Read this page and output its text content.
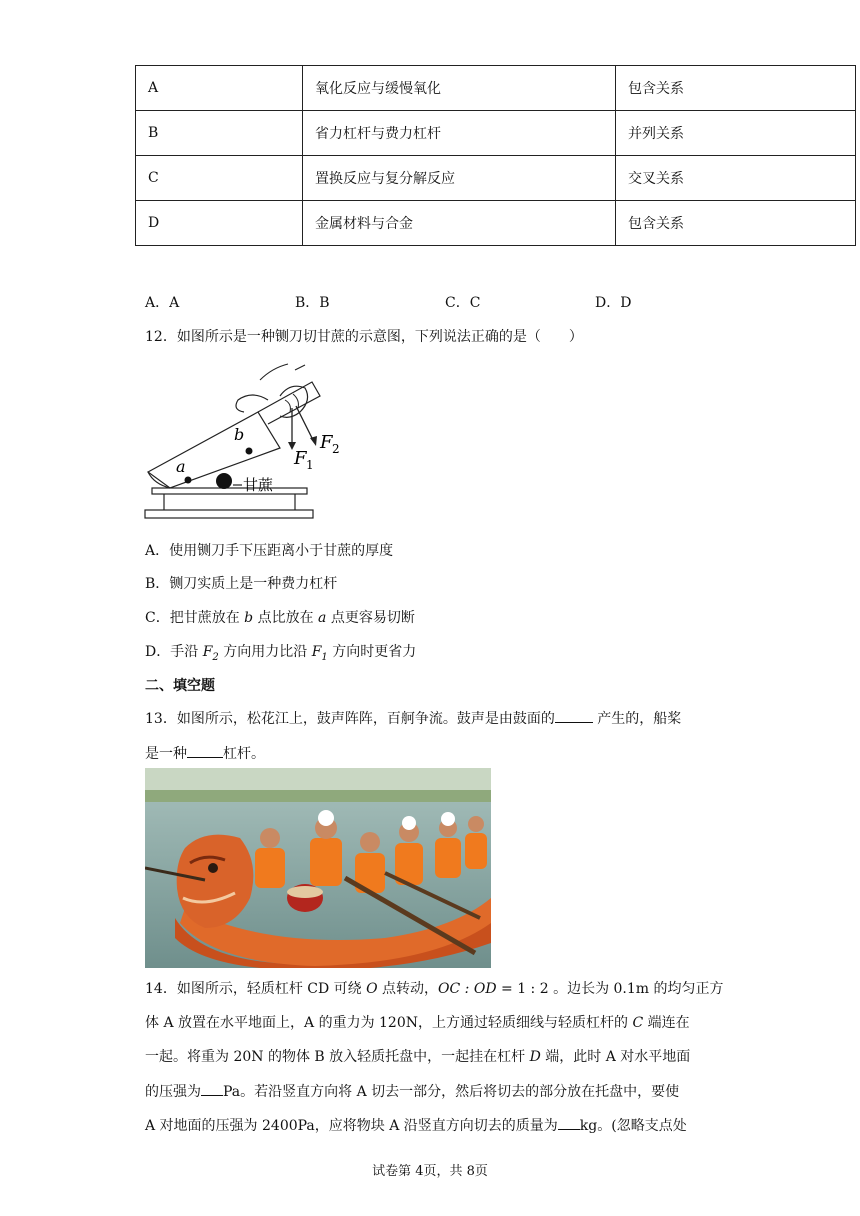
A	氧化反应与缓慢氧化	包含关系
B	省力杠杆与费力杠杆	并列关系
C	置换反应与复分解反应	交叉关系
D	金属材料与合金	包含关系
A．A	B．B	C．C	D．D
12．如图所示是一种铡刀切甘蔗的示意图，下列说法正确的是（　　）
a
b
F 1
F 2
甘蔗
A．使用铡刀手下压距离小于甘蔗的厚度
B．铡刀实质上是一种费力杠杆
C．把甘蔗放在 b 点比放在 a 点更容易切断
D．手沿 $F_2$ 方向用力比沿 $F_1$ 方向时更省力
二、填空题
13．如图所示，松花江上，鼓声阵阵，百舸争流。鼓声是由鼓面的	产生的，船桨
是一种	杠杆。
14．如图所示，轻质杠杆 CD 可绕 O 点转动，OC : OD = 1 : 2 。边长为 0.1m 的均匀正方
体 A 放置在水平地面上，A 的重力为 120N，上方通过轻质细线与轻质杠杆的 C 端连在
一起。将重为 20N 的物体 B 放入轻质托盘中，一起挂在杠杆 D 端，此时 A 对水平地面
的压强为 Pa。若沿竖直方向将 A 切去一部分，然后将切去的部分放在托盘中，要使
A 对地面的压强为 2400Pa，应将物块 A 沿竖直方向切去的质量为 kg。(忽略支点处
试卷第 4页，共 8页
